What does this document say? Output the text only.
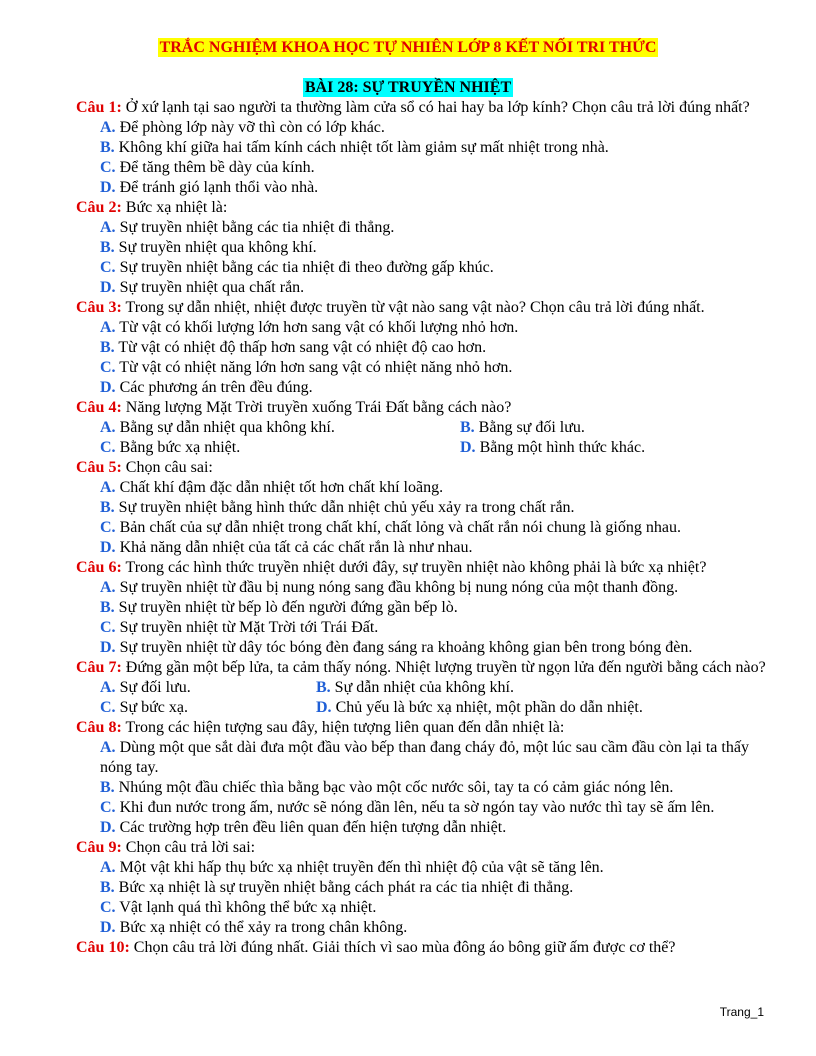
TRẮC NGHIỆM KHOA HỌC TỰ NHIÊN LỚP 8 KẾT NỐI TRI THỨC
BÀI 28: SỰ TRUYỀN NHIỆT

Câu 1: Ở xứ lạnh tại sao người ta thường làm cửa sổ có hai hay ba lớp kính? Chọn câu trả lời đúng nhất?

A. Để phòng lớp này vỡ thì còn có lớp khác.

B. Không khí giữa hai tấm kính cách nhiệt tốt làm giảm sự mất nhiệt trong nhà.

C. Để tăng thêm bề dày của kính.

D. Để tránh gió lạnh thổi vào nhà.

Câu 2: Bức xạ nhiệt là:

A. Sự truyền nhiệt bằng các tia nhiệt đi thẳng.

B. Sự truyền nhiệt qua không khí.

C. Sự truyền nhiệt bằng các tia nhiệt đi theo đường gấp khúc.

D. Sự truyền nhiệt qua chất rắn.

Câu 3: Trong sự dẫn nhiệt, nhiệt được truyền từ vật nào sang vật nào? Chọn câu trả lời đúng nhất.

A. Từ vật có khối lượng lớn hơn sang vật có khối lượng nhỏ hơn.

B. Từ vật có nhiệt độ thấp hơn sang vật có nhiệt độ cao hơn.

C. Từ vật có nhiệt năng lớn hơn sang vật có nhiệt năng nhỏ hơn.

D. Các phương án trên đều đúng.

Câu 4: Năng lượng Mặt Trời truyền xuống Trái Đất bằng cách nào?

A. Bằng sự dẫn nhiệt qua không khí.	B. Bằng sự đối lưu.

C. Bằng bức xạ nhiệt.	D. Bằng một hình thức khác.

Câu 5: Chọn câu sai:

A. Chất khí đậm đặc dẫn nhiệt tốt hơn chất khí loãng.

B. Sự truyền nhiệt bằng hình thức dẫn nhiệt chủ yếu xảy ra trong chất rắn.

C. Bản chất của sự dẫn nhiệt trong chất khí, chất lỏng và chất rắn nói chung là giống nhau.

D. Khả năng dẫn nhiệt của tất cả các chất rắn là như nhau.

Câu 6: Trong các hình thức truyền nhiệt dưới đây, sự truyền nhiệt nào không phải là bức xạ nhiệt?

A. Sự truyền nhiệt từ đầu bị nung nóng sang đầu không bị nung nóng của một thanh đồng.

B. Sự truyền nhiệt từ bếp lò đến người đứng gần bếp lò.

C. Sự truyền nhiệt từ Mặt Trời tới Trái Đất.

D. Sự truyền nhiệt từ dây tóc bóng đèn đang sáng ra khoảng không gian bên trong bóng đèn.

Câu 7: Đứng gần một bếp lửa, ta cảm thấy nóng. Nhiệt lượng truyền từ ngọn lửa đến người bằng cách nào?

A. Sự đối lưu.	B. Sự dẫn nhiệt của không khí.

C. Sự bức xạ.	D. Chủ yếu là bức xạ nhiệt, một phần do dẫn nhiệt.

Câu 8: Trong các hiện tượng sau đây, hiện tượng liên quan đến dẫn nhiệt là:

A. Dùng một que sắt dài đưa một đầu vào bếp than đang cháy đỏ, một lúc sau cầm đầu còn lại ta thấy nóng tay.

B. Nhúng một đầu chiếc thìa bằng bạc vào một cốc nước sôi, tay ta có cảm giác nóng lên.

C. Khi đun nước trong ấm, nước sẽ nóng dần lên, nếu ta sờ ngón tay vào nước thì tay sẽ ấm lên.

D. Các trường hợp trên đều liên quan đến hiện tượng dẫn nhiệt.

Câu 9: Chọn câu trả lời sai:

A. Một vật khi hấp thụ bức xạ nhiệt truyền đến thì nhiệt độ của vật sẽ tăng lên.

B. Bức xạ nhiệt là sự truyền nhiệt bằng cách phát ra các tia nhiệt đi thẳng.

C. Vật lạnh quá thì không thể bức xạ nhiệt.

D. Bức xạ nhiệt có thể xảy ra trong chân không.

Câu 10: Chọn câu trả lời đúng nhất. Giải thích vì sao mùa đông áo bông giữ ấm được cơ thể?

Trang_1
